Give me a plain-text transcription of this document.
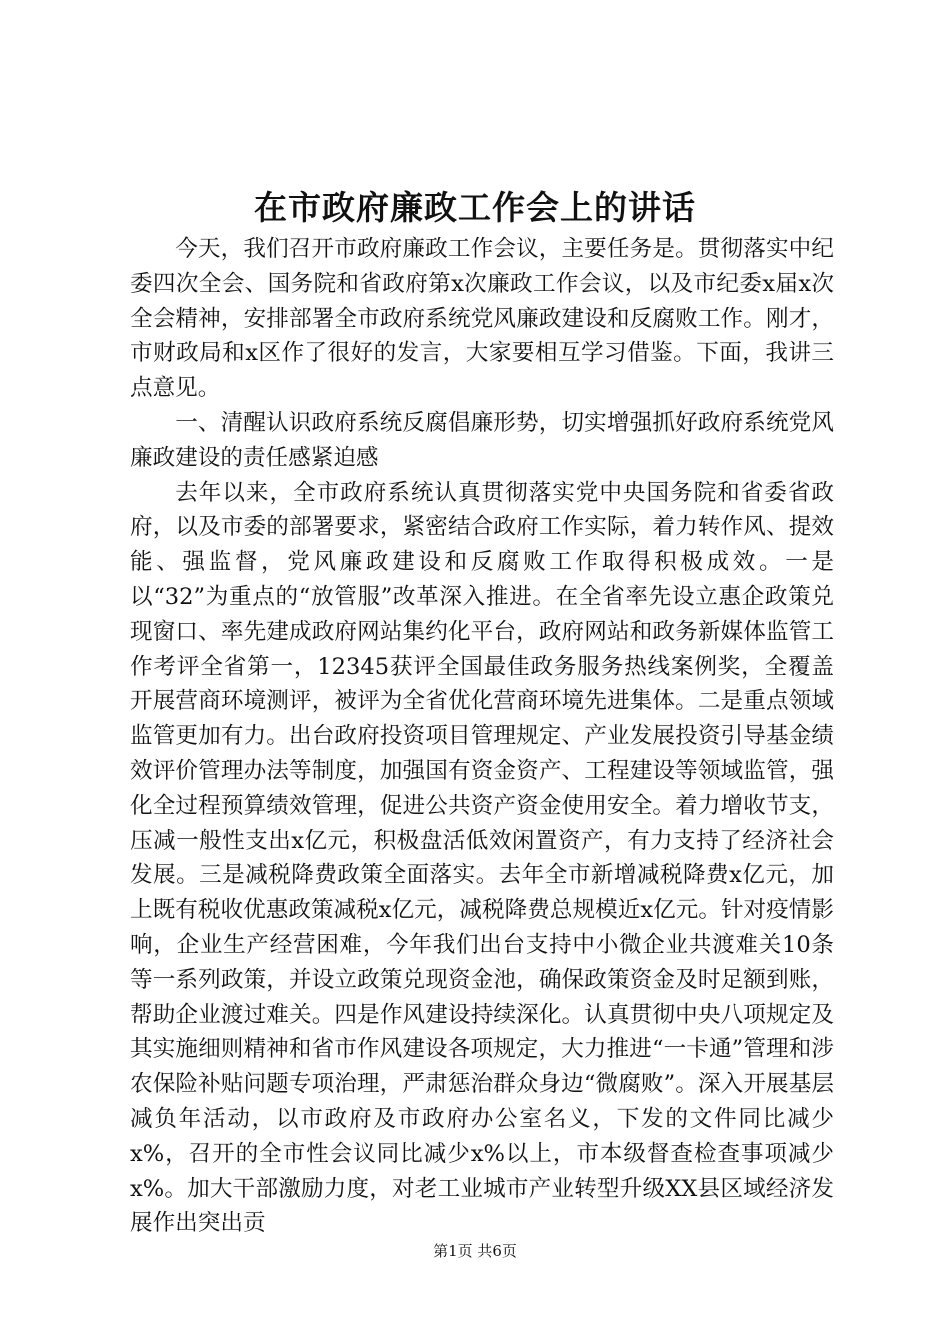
在市政府廉政工作会上的讲话

今天，我们召开市政府廉政工作会议，主要任务是。贯彻落实中纪委四次全会、国务院和省政府第x次廉政工作会议，以及市纪委x届x次全会精神，安排部署全市政府系统党风廉政建设和反腐败工作。刚才，市财政局和x区作了很好的发言，大家要相互学习借鉴。下面，我讲三点意见。

一、清醒认识政府系统反腐倡廉形势，切实增强抓好政府系统党风廉政建设的责任感紧迫感

去年以来，全市政府系统认真贯彻落实党中央国务院和省委省政府，以及市委的部署要求，紧密结合政府工作实际，着力转作风、提效能、强监督，党风廉政建设和反腐败工作取得积极成效。一是以“32”为重点的“放管服”改革深入推进。在全省率先设立惠企政策兑现窗口、率先建成政府网站集约化平台，政府网站和政务新媒体监管工作考评全省第一，12345获评全国最佳政务服务热线案例奖，全覆盖开展营商环境测评，被评为全省优化营商环境先进集体。二是重点领域监管更加有力。出台政府投资项目管理规定、产业发展投资引导基金绩效评价管理办法等制度，加强国有资金资产、工程建设等领域监管，强化全过程预算绩效管理，促进公共资产资金使用安全。着力增收节支，压减一般性支出x亿元，积极盘活低效闲置资产，有力支持了经济社会发展。三是减税降费政策全面落实。去年全市新增减税降费x亿元，加上既有税收优惠政策减税x亿元，减税降费总规模近x亿元。针对疫情影响，企业生产经营困难，今年我们出台支持中小微企业共渡难关10条等一系列政策，并设立政策兑现资金池，确保政策资金及时足额到账，帮助企业渡过难关。四是作风建设持续深化。认真贯彻中央八项规定及其实施细则精神和省市作风建设各项规定，大力推进“一卡通”管理和涉农保险补贴问题专项治理，严肃惩治群众身边“微腐败”。深入开展基层减负年活动，以市政府及市政府办公室名义，下发的文件同比减少x%，召开的全市性会议同比减少x%以上，市本级督查检查事项减少x%。加大干部激励力度，对老工业城市产业转型升级XX县区域经济发展作出突出贡

第1页 共6页
